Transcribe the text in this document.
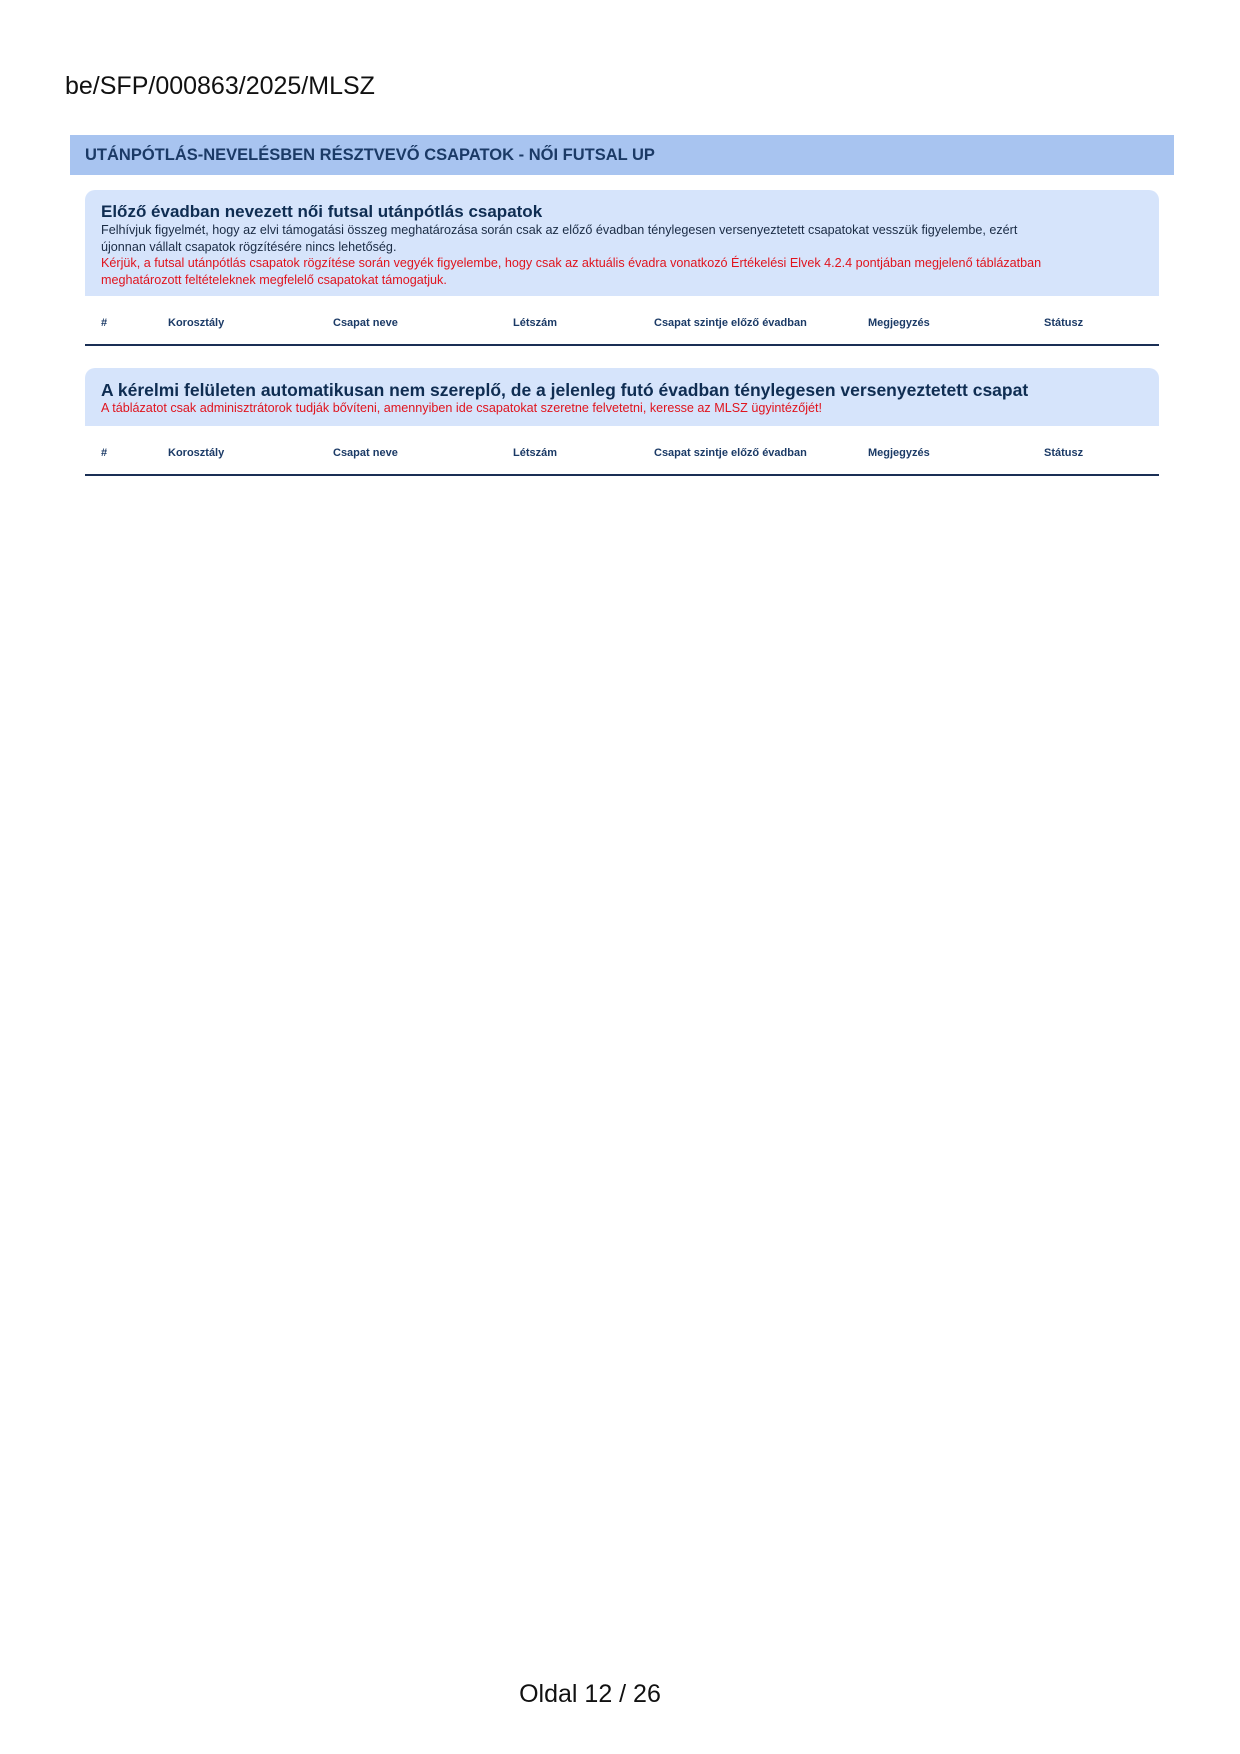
be/SFP/000863/2025/MLSZ
UTÁNPÓTLÁS-NEVELÉSBEN RÉSZTVEVŐ CSAPATOK - NŐI FUTSAL UP
Előző évadban nevezett női futsal utánpótlás csapatok
Felhívjuk figyelmét, hogy az elvi támogatási összeg meghatározása során csak az előző évadban ténylegesen versenyeztetett csapatokat vesszük figyelembe, ezért
újonnan vállalt csapatok rögzítésére nincs lehetőség.
Kérjük, a futsal utánpótlás csapatok rögzítése során vegyék figyelembe, hogy csak az aktuális évadra vonatkozó Értékelési Elvek 4.2.4 pontjában megjelenő táblázatban
meghatározott feltételeknek megfelelő csapatokat támogatjuk.
#	Korosztály	Csapat neve	Létszám	Csapat szintje előző évadban	Megjegyzés	Státusz
A kérelmi felületen automatikusan nem szereplő, de a jelenleg futó évadban ténylegesen versenyeztetett csapat
A táblázatot csak adminisztrátorok tudják bővíteni, amennyiben ide csapatokat szeretne felvetetni, keresse az MLSZ ügyintézőjét!
#	Korosztály	Csapat neve	Létszám	Csapat szintje előző évadban	Megjegyzés	Státusz
Oldal 12 / 26
